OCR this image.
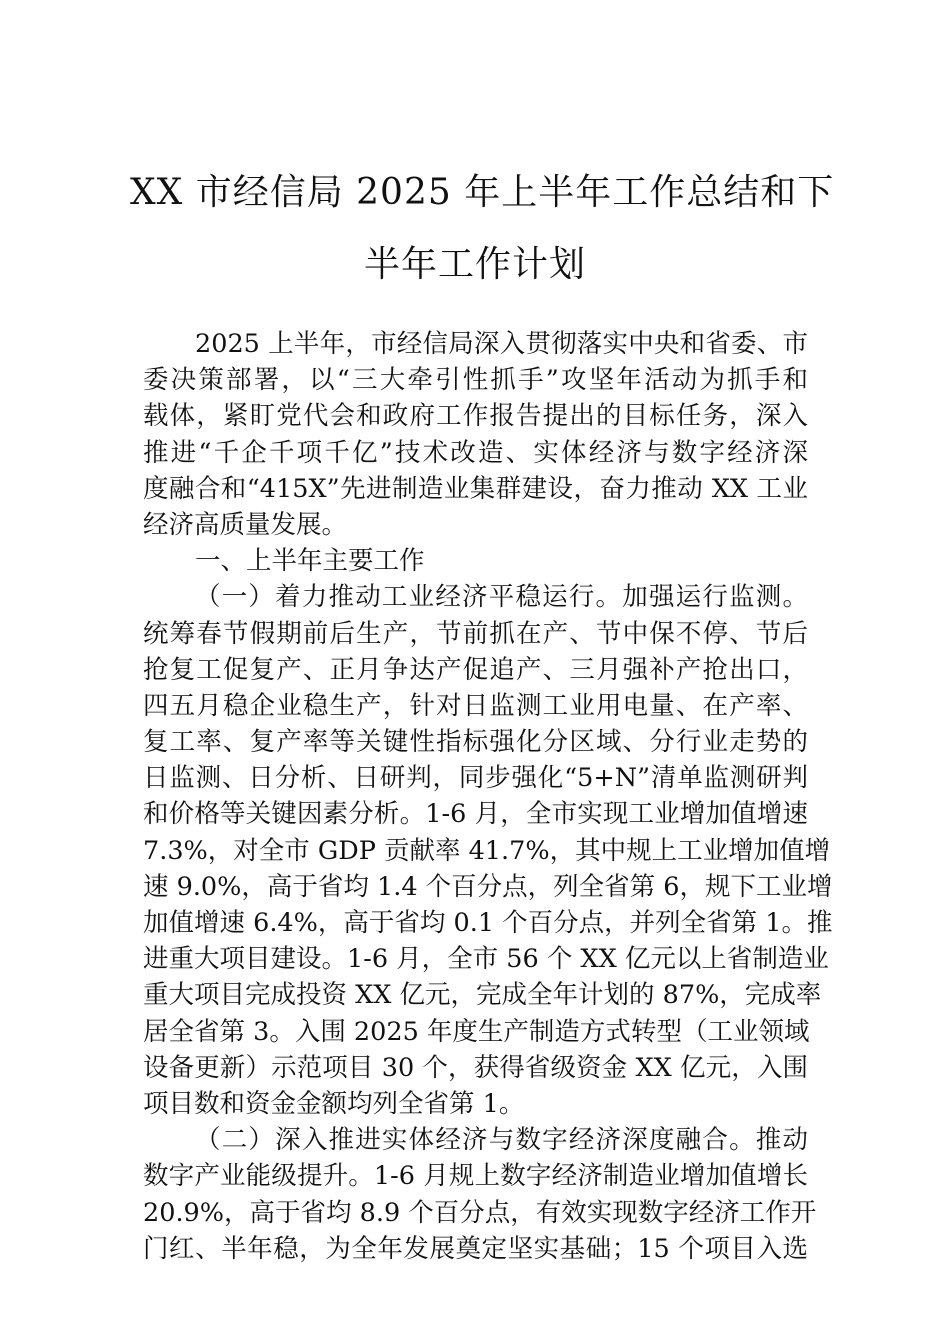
XX 市经信局 2025 年上半年工作总结和下
半年工作计划
2025 上半年，市经信局深入贯彻落实中央和省委、市
委决策部署，以“三大牵引性抓手”攻坚年活动为抓手和
载体，紧盯党代会和政府工作报告提出的目标任务，深入
推进“千企千项千亿”技术改造、实体经济与数字经济深
度融合和“415X”先进制造业集群建设，奋力推动 XX 工业
经济高质量发展。
一、上半年主要工作
（一）着力推动工业经济平稳运行。加强运行监测。
统筹春节假期前后生产，节前抓在产、节中保不停、节后
抢复工促复产、正月争达产促追产、三月强补产抢出口，
四五月稳企业稳生产，针对日监测工业用电量、在产率、
复工率、复产率等关键性指标强化分区域、分行业走势的
日监测、日分析、日研判，同步强化“5+N”清单监测研判
和价格等关键因素分析。1-6 月，全市实现工业增加值增速
7.3%，对全市 GDP 贡献率 41.7%，其中规上工业增加值增
速 9.0%，高于省均 1.4 个百分点，列全省第 6，规下工业增
加值增速 6.4%，高于省均 0.1 个百分点，并列全省第 1。推
进重大项目建设。1-6 月，全市 56 个 XX 亿元以上省制造业
重大项目完成投资 XX 亿元，完成全年计划的 87%，完成率
居全省第 3。入围 2025 年度生产制造方式转型（工业领域
设备更新）示范项目 30 个，获得省级资金 XX 亿元，入围
项目数和资金金额均列全省第 1。
（二）深入推进实体经济与数字经济深度融合。推动
数字产业能级提升。1-6 月规上数字经济制造业增加值增长
20.9%，高于省均 8.9 个百分点，有效实现数字经济工作开
门红、半年稳，为全年发展奠定坚实基础；15 个项目入选
